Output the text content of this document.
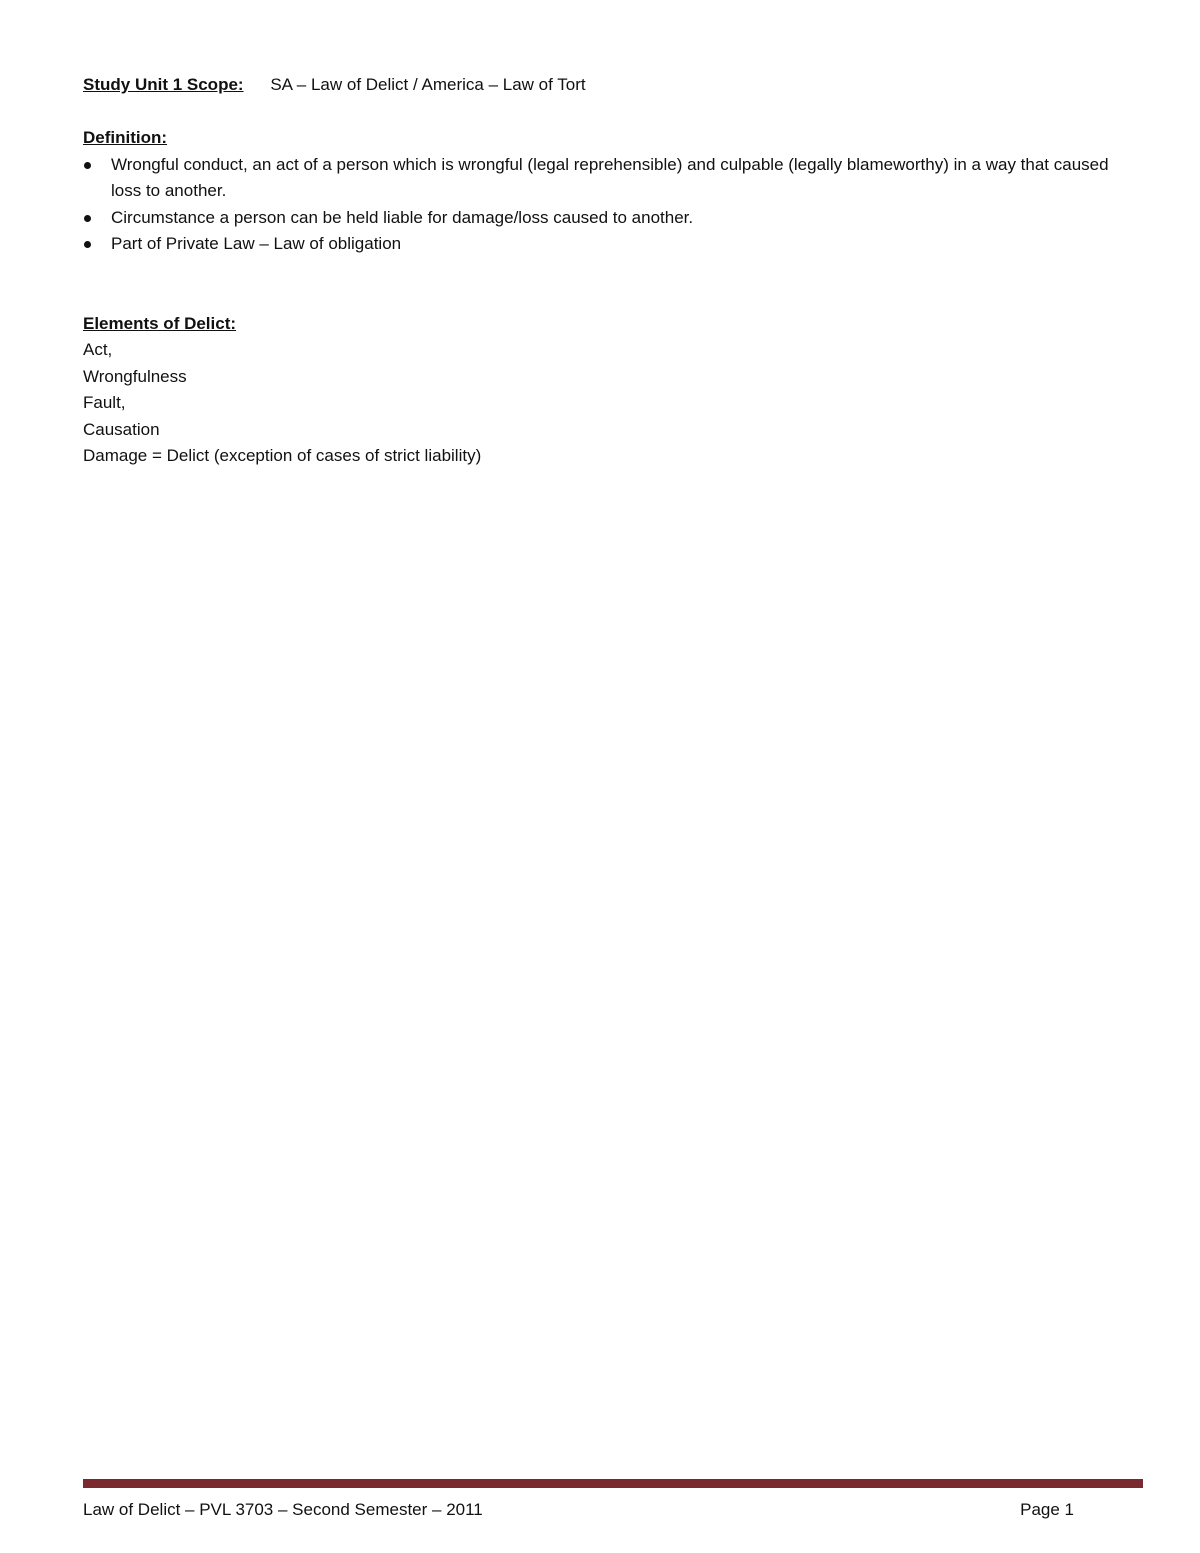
Study Unit 1 Scope: SA – Law of Delict / America – Law of Tort
Definition:
Wrongful conduct, an act of a person which is wrongful (legal reprehensible) and culpable (legally blameworthy) in a way that caused loss to another.
Circumstance a person can be held liable for damage/loss caused to another.
Part of Private Law – Law of obligation
Elements of Delict:
Act,
Wrongfulness
Fault,
Causation
Damage = Delict (exception of cases of strict liability)
Law of Delict – PVL 3703 – Second Semester – 2011	Page 1
